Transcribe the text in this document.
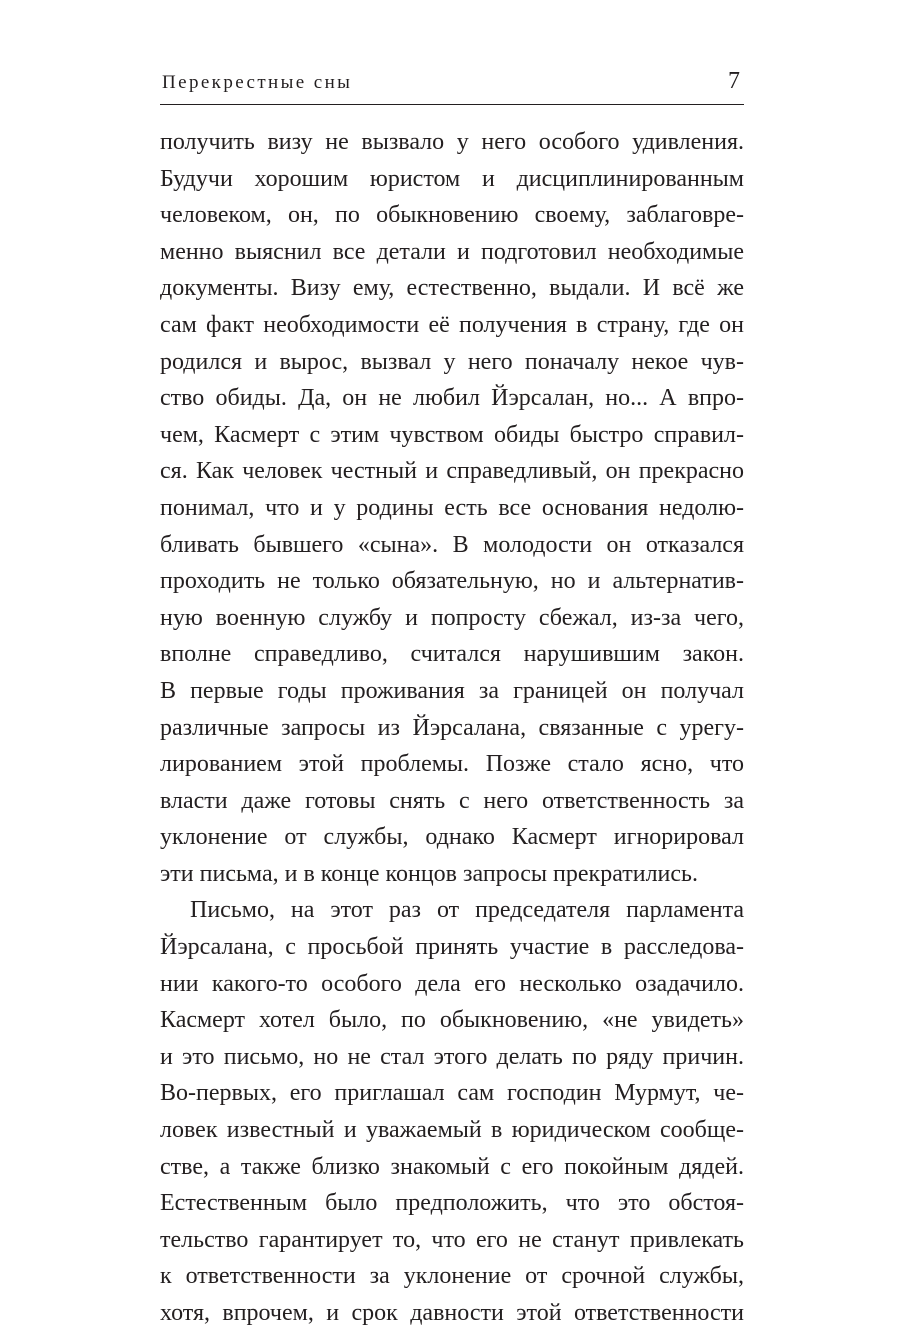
Перекрестные сны	7
получить визу не вызвало у него особого удивления.
Будучи хорошим юристом и дисциплинированным
человеком, он, по обыкновению своему, заблаговре-
менно выяснил все детали и подготовил необходимые
документы. Визу ему, естественно, выдали. И всё же
сам факт необходимости её получения в страну, где он
родился и вырос, вызвал у него поначалу некое чув-
ство обиды. Да, он не любил Йэрсалан, но... А впро-
чем, Касмерт с этим чувством обиды быстро справил-
ся. Как человек честный и справедливый, он прекрасно
понимал, что и у родины есть все основания недолю-
бливать бывшего «сына». В молодости он отказался
проходить не только обязательную, но и альтернатив-
ную военную службу и попросту сбежал, из-за чего,
вполне справедливо, считался нарушившим закон.
В первые годы проживания за границей он получал
различные запросы из Йэрсалана, связанные с урегу-
лированием этой проблемы. Позже стало ясно, что
власти даже готовы снять с него ответственность за
уклонение от службы, однако Касмерт игнорировал
эти письма, и в конце концов запросы прекратились.
Письмо, на этот раз от председателя парламента
Йэрсалана, с просьбой принять участие в расследова-
нии какого-то особого дела его несколько озадачило.
Касмерт хотел было, по обыкновению, «не увидеть»
и это письмо, но не стал этого делать по ряду причин.
Во-первых, его приглашал сам господин Мурмут, че-
ловек известный и уважаемый в юридическом сообще-
стве, а также близко знакомый с его покойным дядей.
Естественным было предположить, что это обстоя-
тельство гарантирует то, что его не станут привлекать
к ответственности за уклонение от срочной службы,
хотя, впрочем, и срок давности этой ответственности
